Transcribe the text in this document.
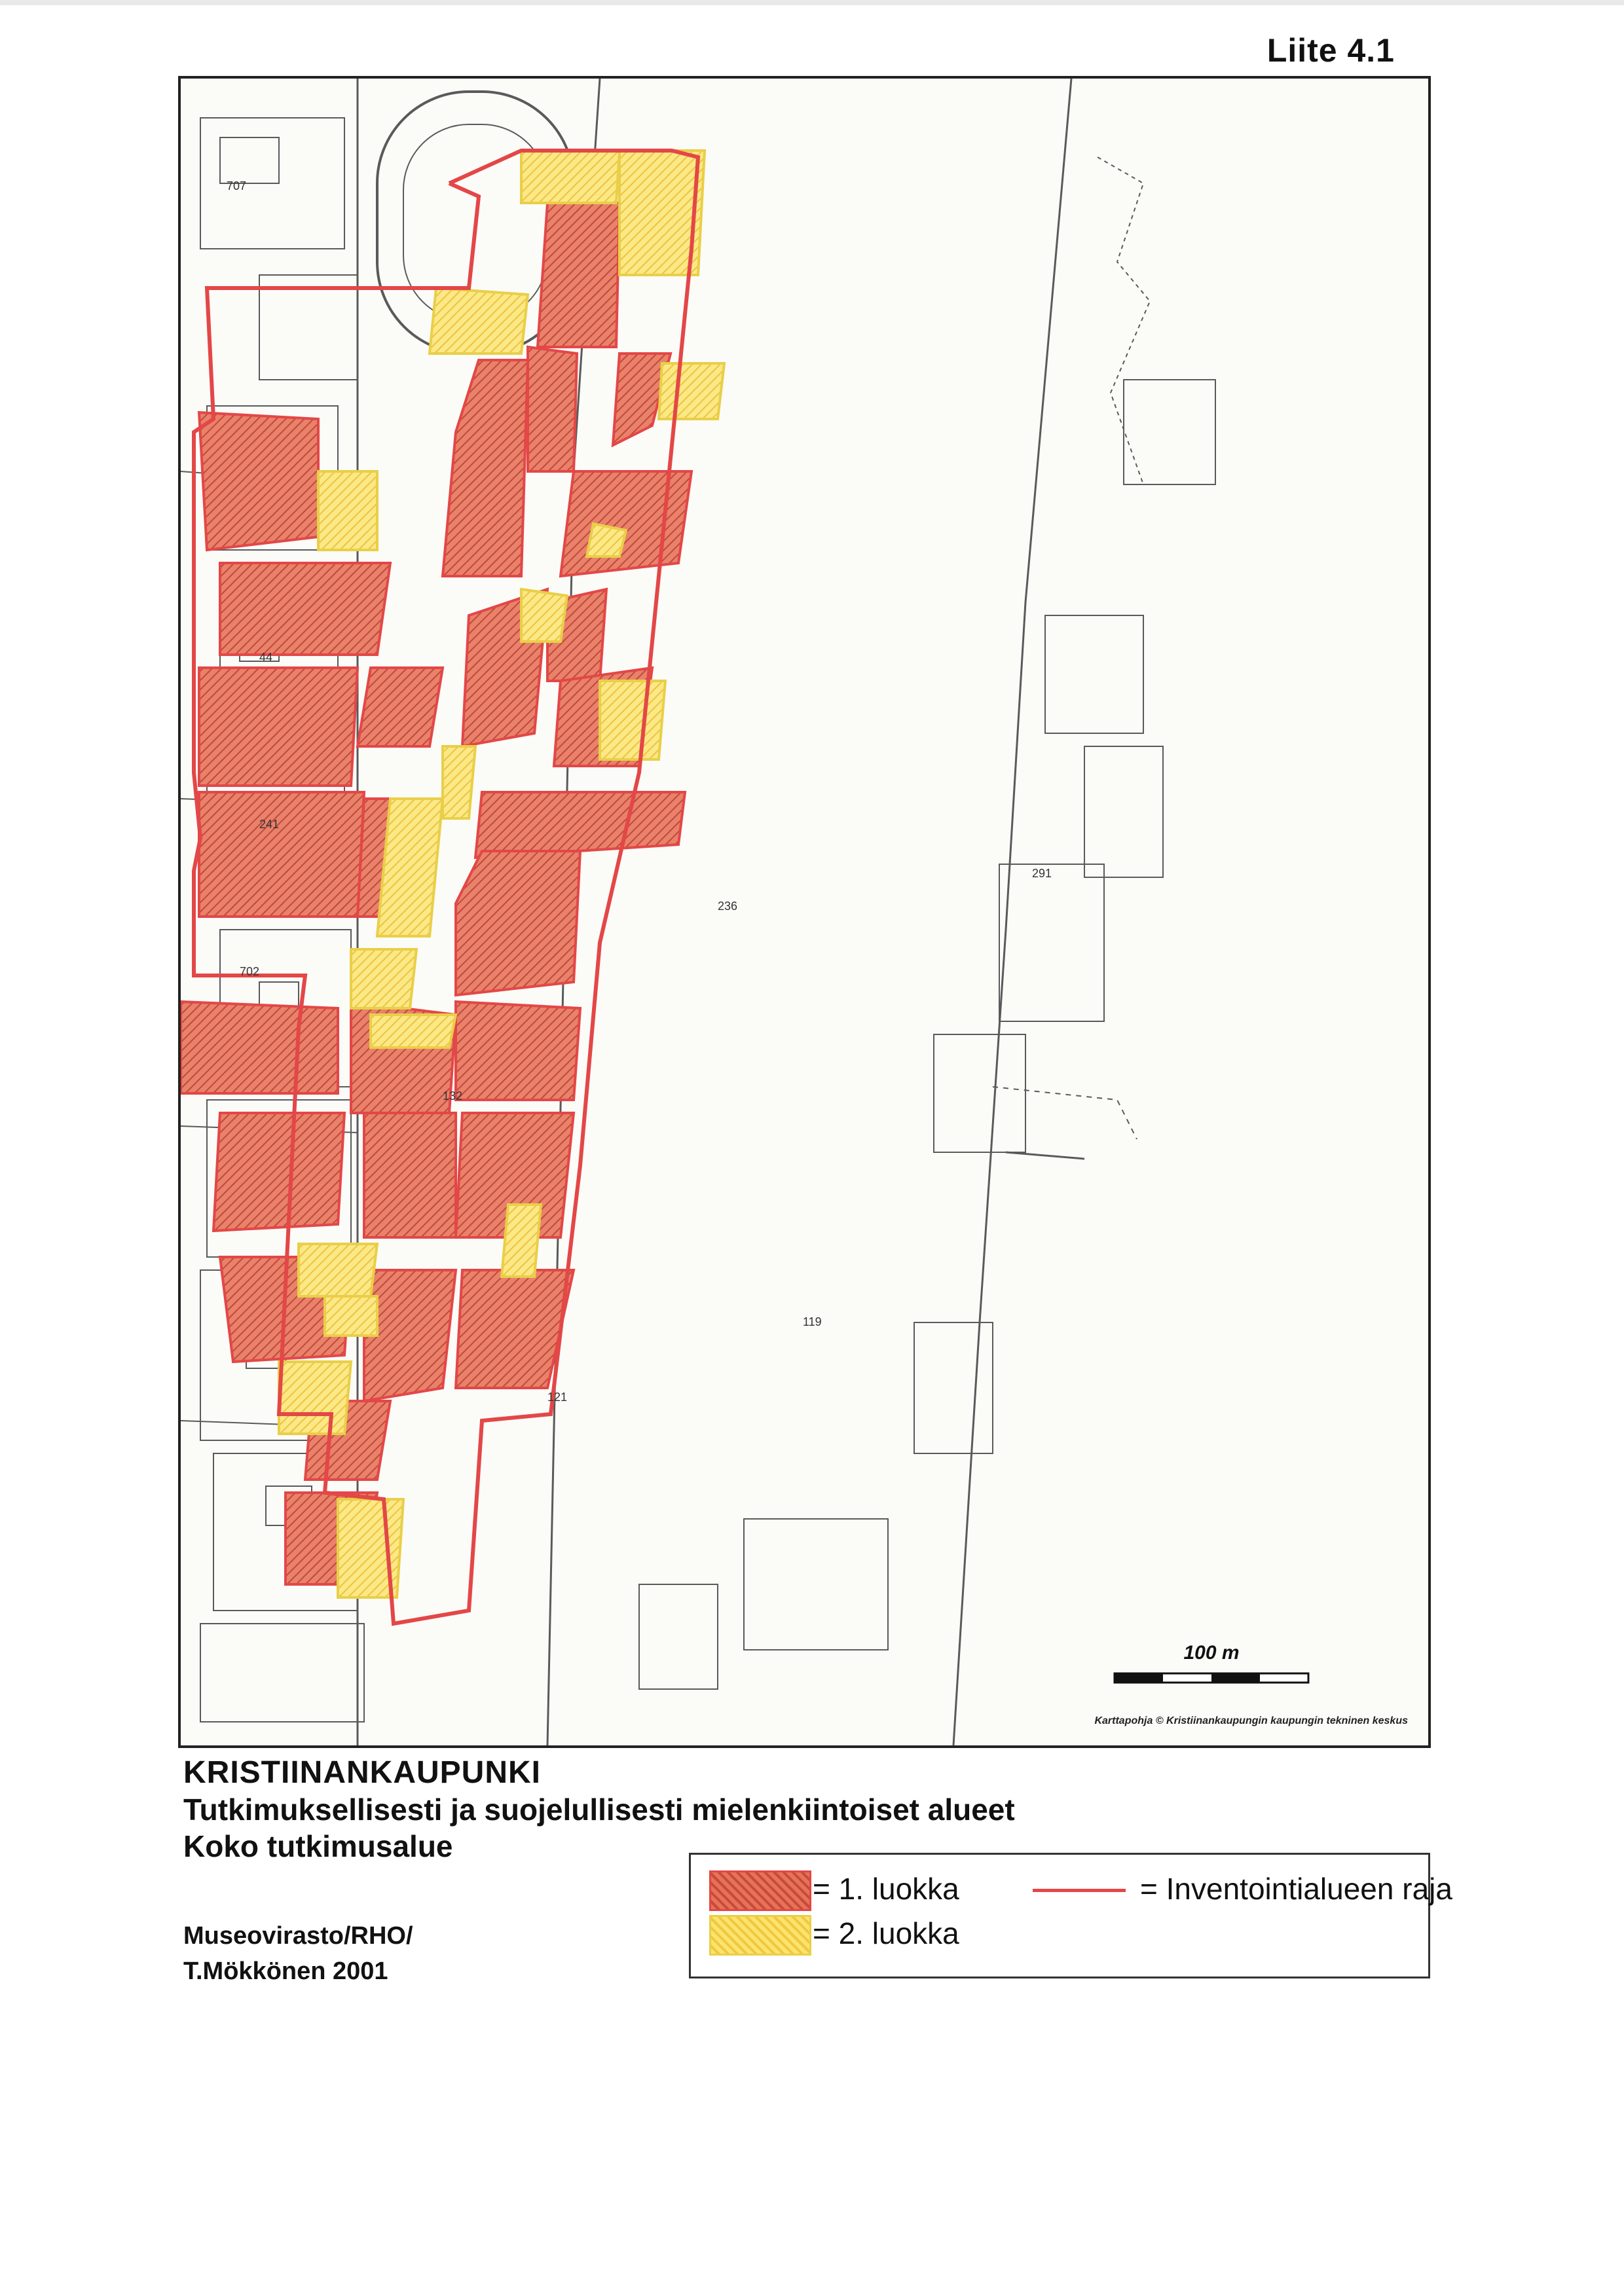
Liite 4.1
707
44
241
702
236
121
132
119
291
100 m
Karttapohja © Kristiinankaupungin kaupungin tekninen keskus
KRISTIINANKAUPUNKI
Tutkimuksellisesti ja suojelullisesti mielenkiintoiset alueet
Koko tutkimusalue
Museovirasto/RHO/
T.Mökkönen 2001
= 1. luokka
= 2. luokka
= Inventointialueen raja
